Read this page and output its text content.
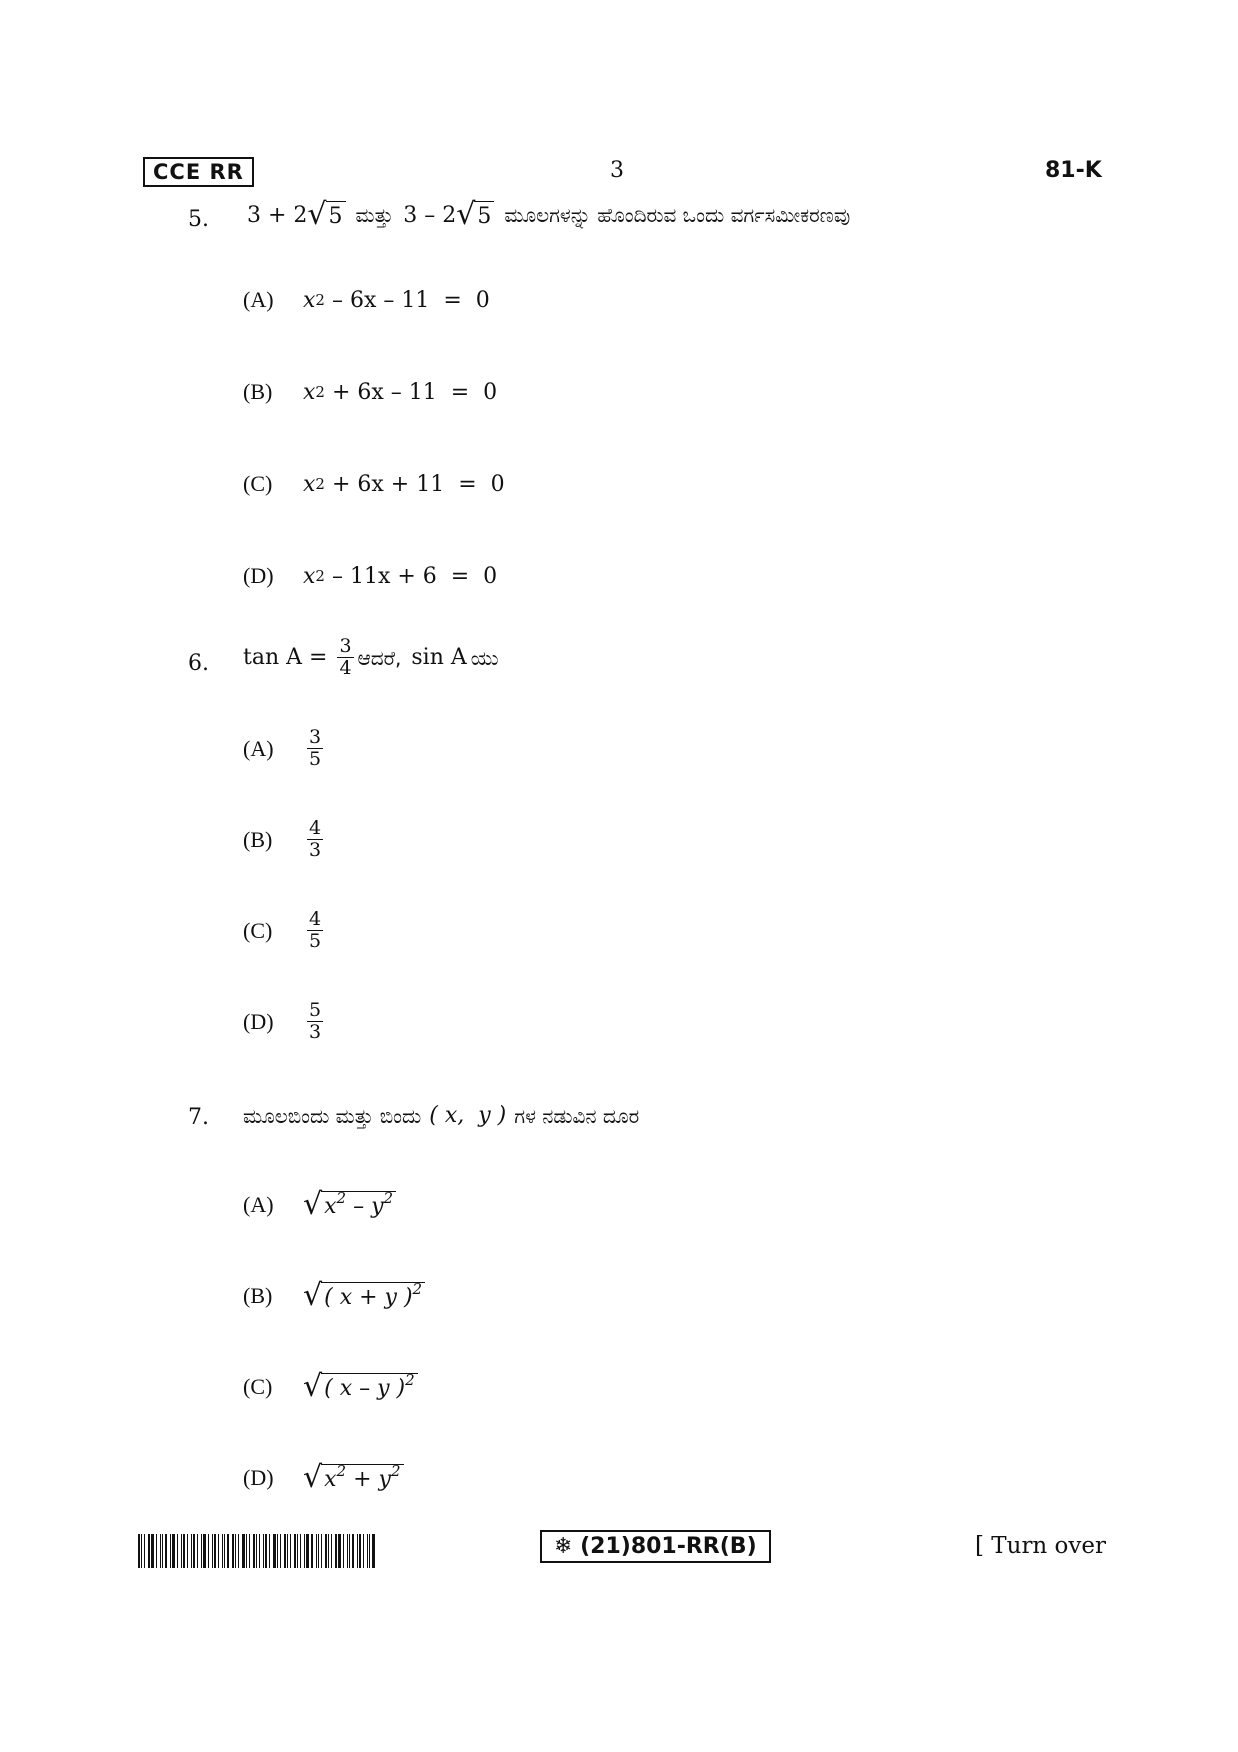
CCE RR	3	81-K
5. 3 + 2 √ 5 ಮತ್ತು 3 – 2 √ 5 ಮೂಲಗಳನ್ನು ಹೊಂದಿರುವ ಒಂದು ವರ್ಗಸಮೀಕರಣವು
(A)	x 2 – 6x – 11  =  0
(B)	x 2 + 6x – 11  =  0
(C)	x 2 + 6x + 11  =  0
(D)	x 2 – 11x + 6  =  0
6. $\tan A = \frac{3}{4}$ ಆದರೆ, sin A ಯು
(A)	$\frac{3}{5}$
(B)	$\frac{4}{3}$
(C)	$\frac{4}{5}$
(D)	$\frac{5}{3}$
7. ಮೂಲಬಿಂದು ಮತ್ತು ಬಿಂದು ( x,  y ) ಗಳ ನಡುವಿನ ದೂರ
(A) √ $x^2 - y^2$
(B)	√ ( x + y )$^2$
(C)	√ ( x – y )$^2$
(D) √ $x^2 + y^2$
❄ (21)801-RR(B)	[ Turn over
